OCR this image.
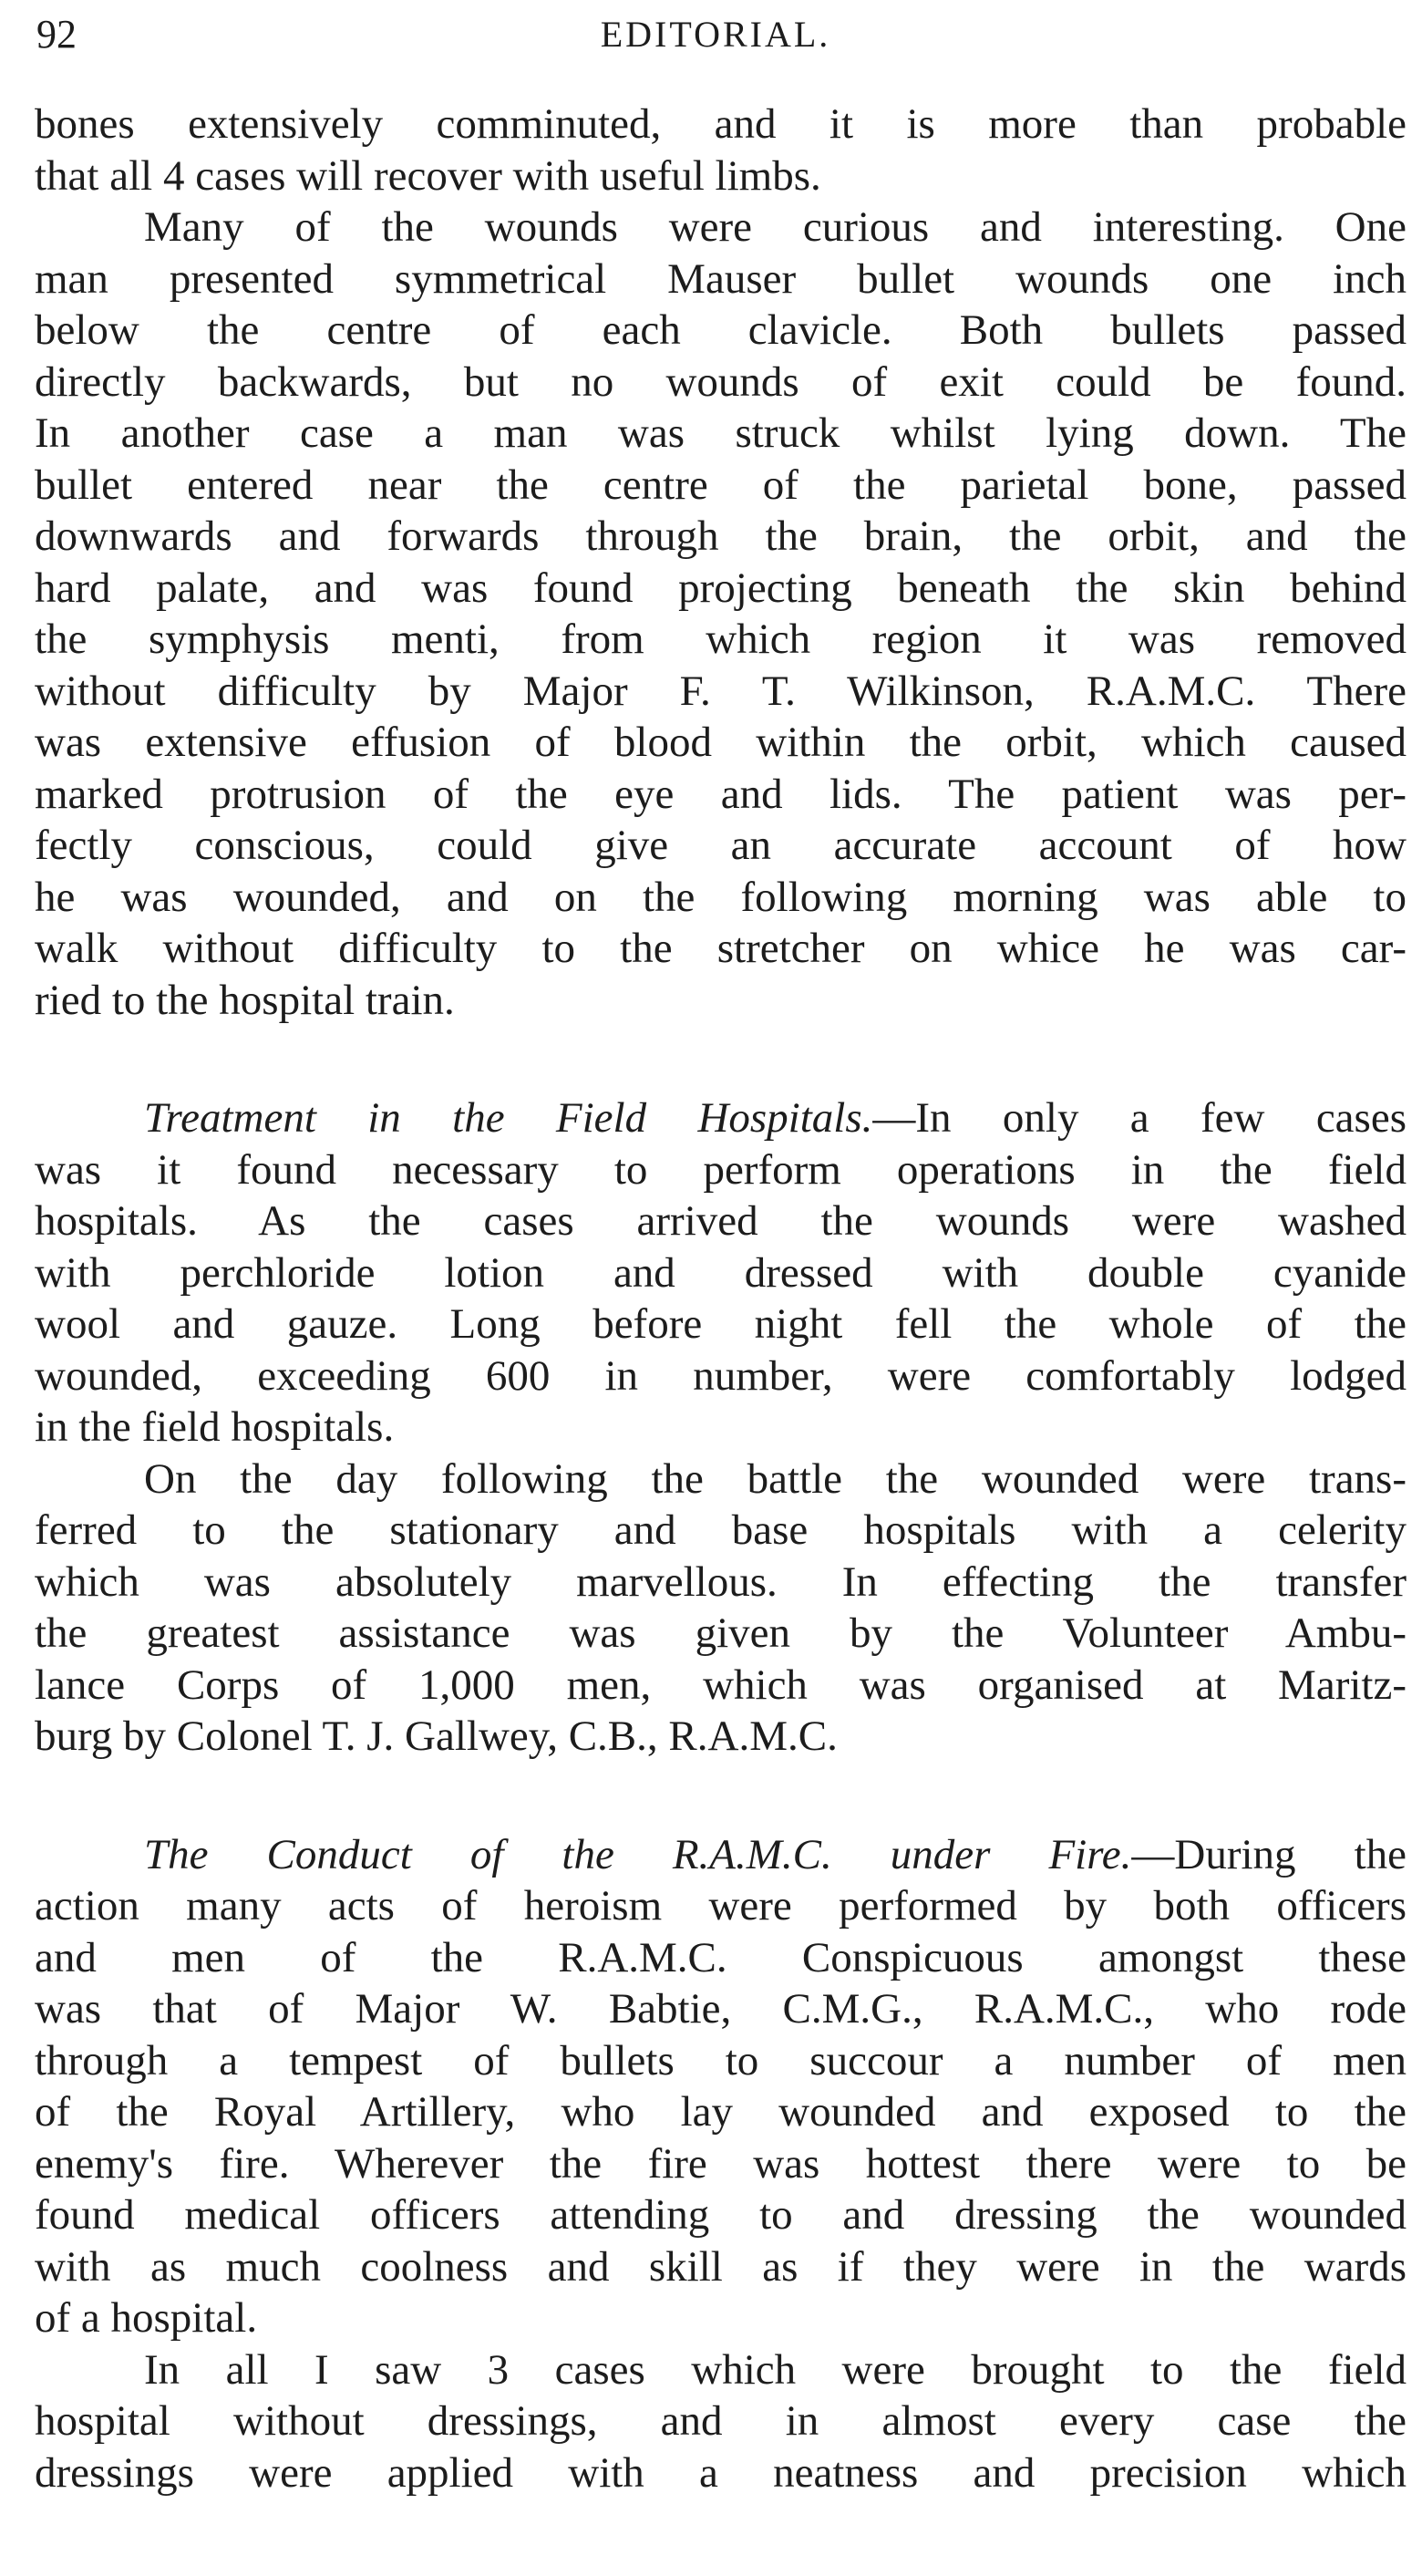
92	EDITORIAL.
bones extensively comminuted, and it is more than probable
that all 4 cases will recover with useful limbs.
Many of the wounds were curious and interesting. One
man presented symmetrical Mauser bullet wounds one inch
below the centre of each clavicle. Both bullets passed
directly backwards, but no wounds of exit could be found.
In another case a man was struck whilst lying down. The
bullet entered near the centre of the parietal bone, passed
downwards and forwards through the brain, the orbit, and the
hard palate, and was found projecting beneath the skin behind
the symphysis menti, from which region it was removed
without difficulty by Major F. T. Wilkinson, R.A.M.C. There
was extensive effusion of blood within the orbit, which caused
marked protrusion of the eye and lids. The patient was per-
fectly conscious, could give an accurate account of how
he was wounded, and on the following morning was able to
walk without difficulty to the stretcher on whice he was car-
ried to the hospital train.
Treatment in the Field Hospitals.—In only a few cases
was it found necessary to perform operations in the field
hospitals. As the cases arrived the wounds were washed
with perchloride lotion and dressed with double cyanide
wool and gauze. Long before night fell the whole of the
wounded, exceeding 600 in number, were comfortably lodged
in the field hospitals.
On the day following the battle the wounded were trans-
ferred to the stationary and base hospitals with a celerity
which was absolutely marvellous. In effecting the transfer
the greatest assistance was given by the Volunteer Ambu-
lance Corps of 1,000 men, which was organised at Maritz-
burg by Colonel T. J. Gallwey, C.B., R.A.M.C.
The Conduct of the R.A.M.C. under Fire.—During the
action many acts of heroism were performed by both officers
and men of the R.A.M.C. Conspicuous amongst these
was that of Major W. Babtie, C.M.G., R.A.M.C., who rode
through a tempest of bullets to succour a number of men
of the Royal Artillery, who lay wounded and exposed to the
enemy's fire. Wherever the fire was hottest there were to be
found medical officers attending to and dressing the wounded
with as much coolness and skill as if they were in the wards
of a hospital.
In all I saw 3 cases which were brought to the field
hospital without dressings, and in almost every case the
dressings were applied with a neatness and precision which
